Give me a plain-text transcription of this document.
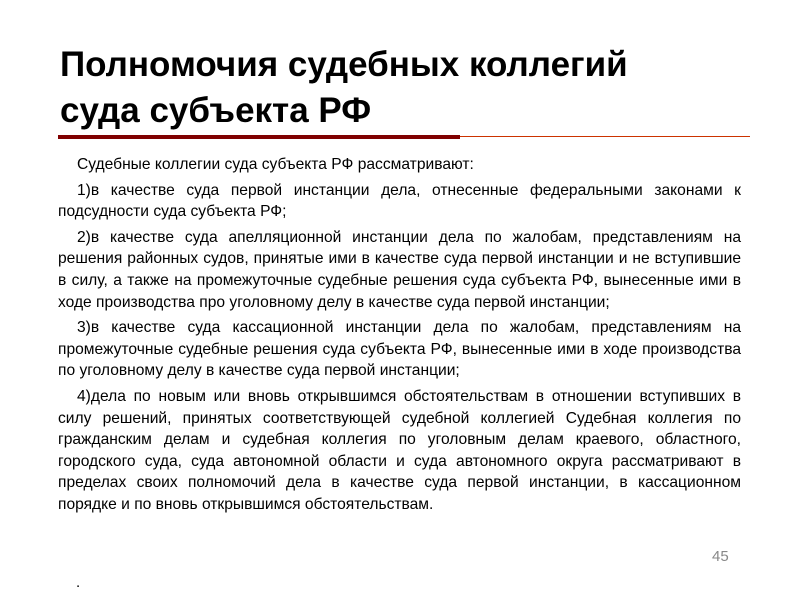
Полномочия судебных коллегий
суда субъекта РФ

Судебные коллегии суда субъекта РФ рассматривают:

1)в качестве суда первой инстанции дела, отнесенные федеральными законами к подсудности суда субъекта РФ;

2)в качестве суда апелляционной инстанции дела по жалобам, представлениям на решения районных судов, принятые ими в качестве суда первой инстанции и не вступившие в силу, а также на промежуточные судебные решения суда субъекта РФ, вынесенные ими в ходе производства про уголовному делу в качестве суда первой инстанции;

3)в качестве суда кассационной инстанции дела по жалобам, представлениям на промежуточные судебные решения суда субъекта РФ, вынесенные ими в ходе производства по уголовному делу в качестве суда первой инстанции;

4)дела по новым или вновь открывшимся обстоятельствам в отношении вступивших в силу решений, принятых соответствующей судебной коллегией Судебная коллегия по гражданским делам и судебная коллегия по уголовным делам краевого, областного, городского суда, суда автономной области и суда автономного округа рассматривают в пределах своих полномочий дела в качестве суда первой инстанции, в кассационном порядке и по вновь открывшимся обстоятельствам.

45
.
